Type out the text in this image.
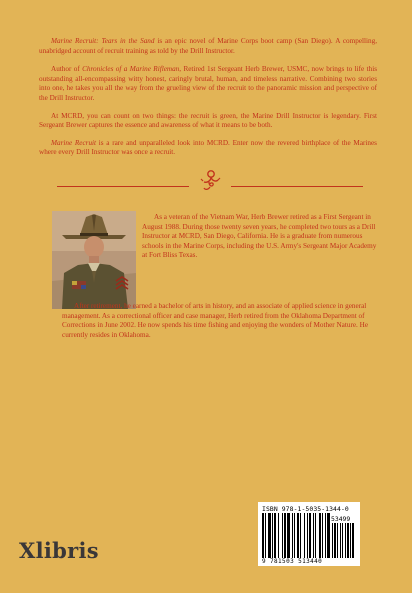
Marine Recruit: Tears in the Sand is an epic novel of Marine Corps boot camp (San Diego). A compelling, unabridged account of recruit training as told by the Drill Instructor.

Author of Chronicles of a Marine Rifleman, Retired 1st Sergeant Herb Brewer, USMC, now brings to life this outstanding all-encompassing witty honest, caringly brutal, human, and timeless narrative. Combining two stories into one, he takes you all the way from the grueling view of the recruit to the panoramic mission and perspective of the Drill Instructor.

At MCRD, you can count on two things: the recruit is green, the Marine Drill Instructor is legendary. First Sergeant Brewer captures the essence and awareness of what it means to be both.

Marine Recruit is a rare and unparalleled look into MCRD. Enter now the revered birthplace of the Marines where every Drill Instructor was once a recruit.

As a veteran of the Vietnam War, Herb Brewer retired as a First Sergeant in August 1988. During those twenty seven years, he completed two tours as a Drill Instructor at MCRD, San Diego, California. He is a graduate from numerous schools in the Marine Corps, including the U.S. Army's Sergeant Major Academy at Fort Bliss Texas.

After retirement, he earned a bachelor of arts in history, and an associate of applied science in general management. As a correctional officer and case manager, Herb retired from the Oklahoma Department of Corrections in June 2002. He now spends his time fishing and enjoying the wonders of Mother Nature. He currently resides in Oklahoma.

ISBN 978-1-5035-1344-0
53499
9 781503 513440
Xlibris
